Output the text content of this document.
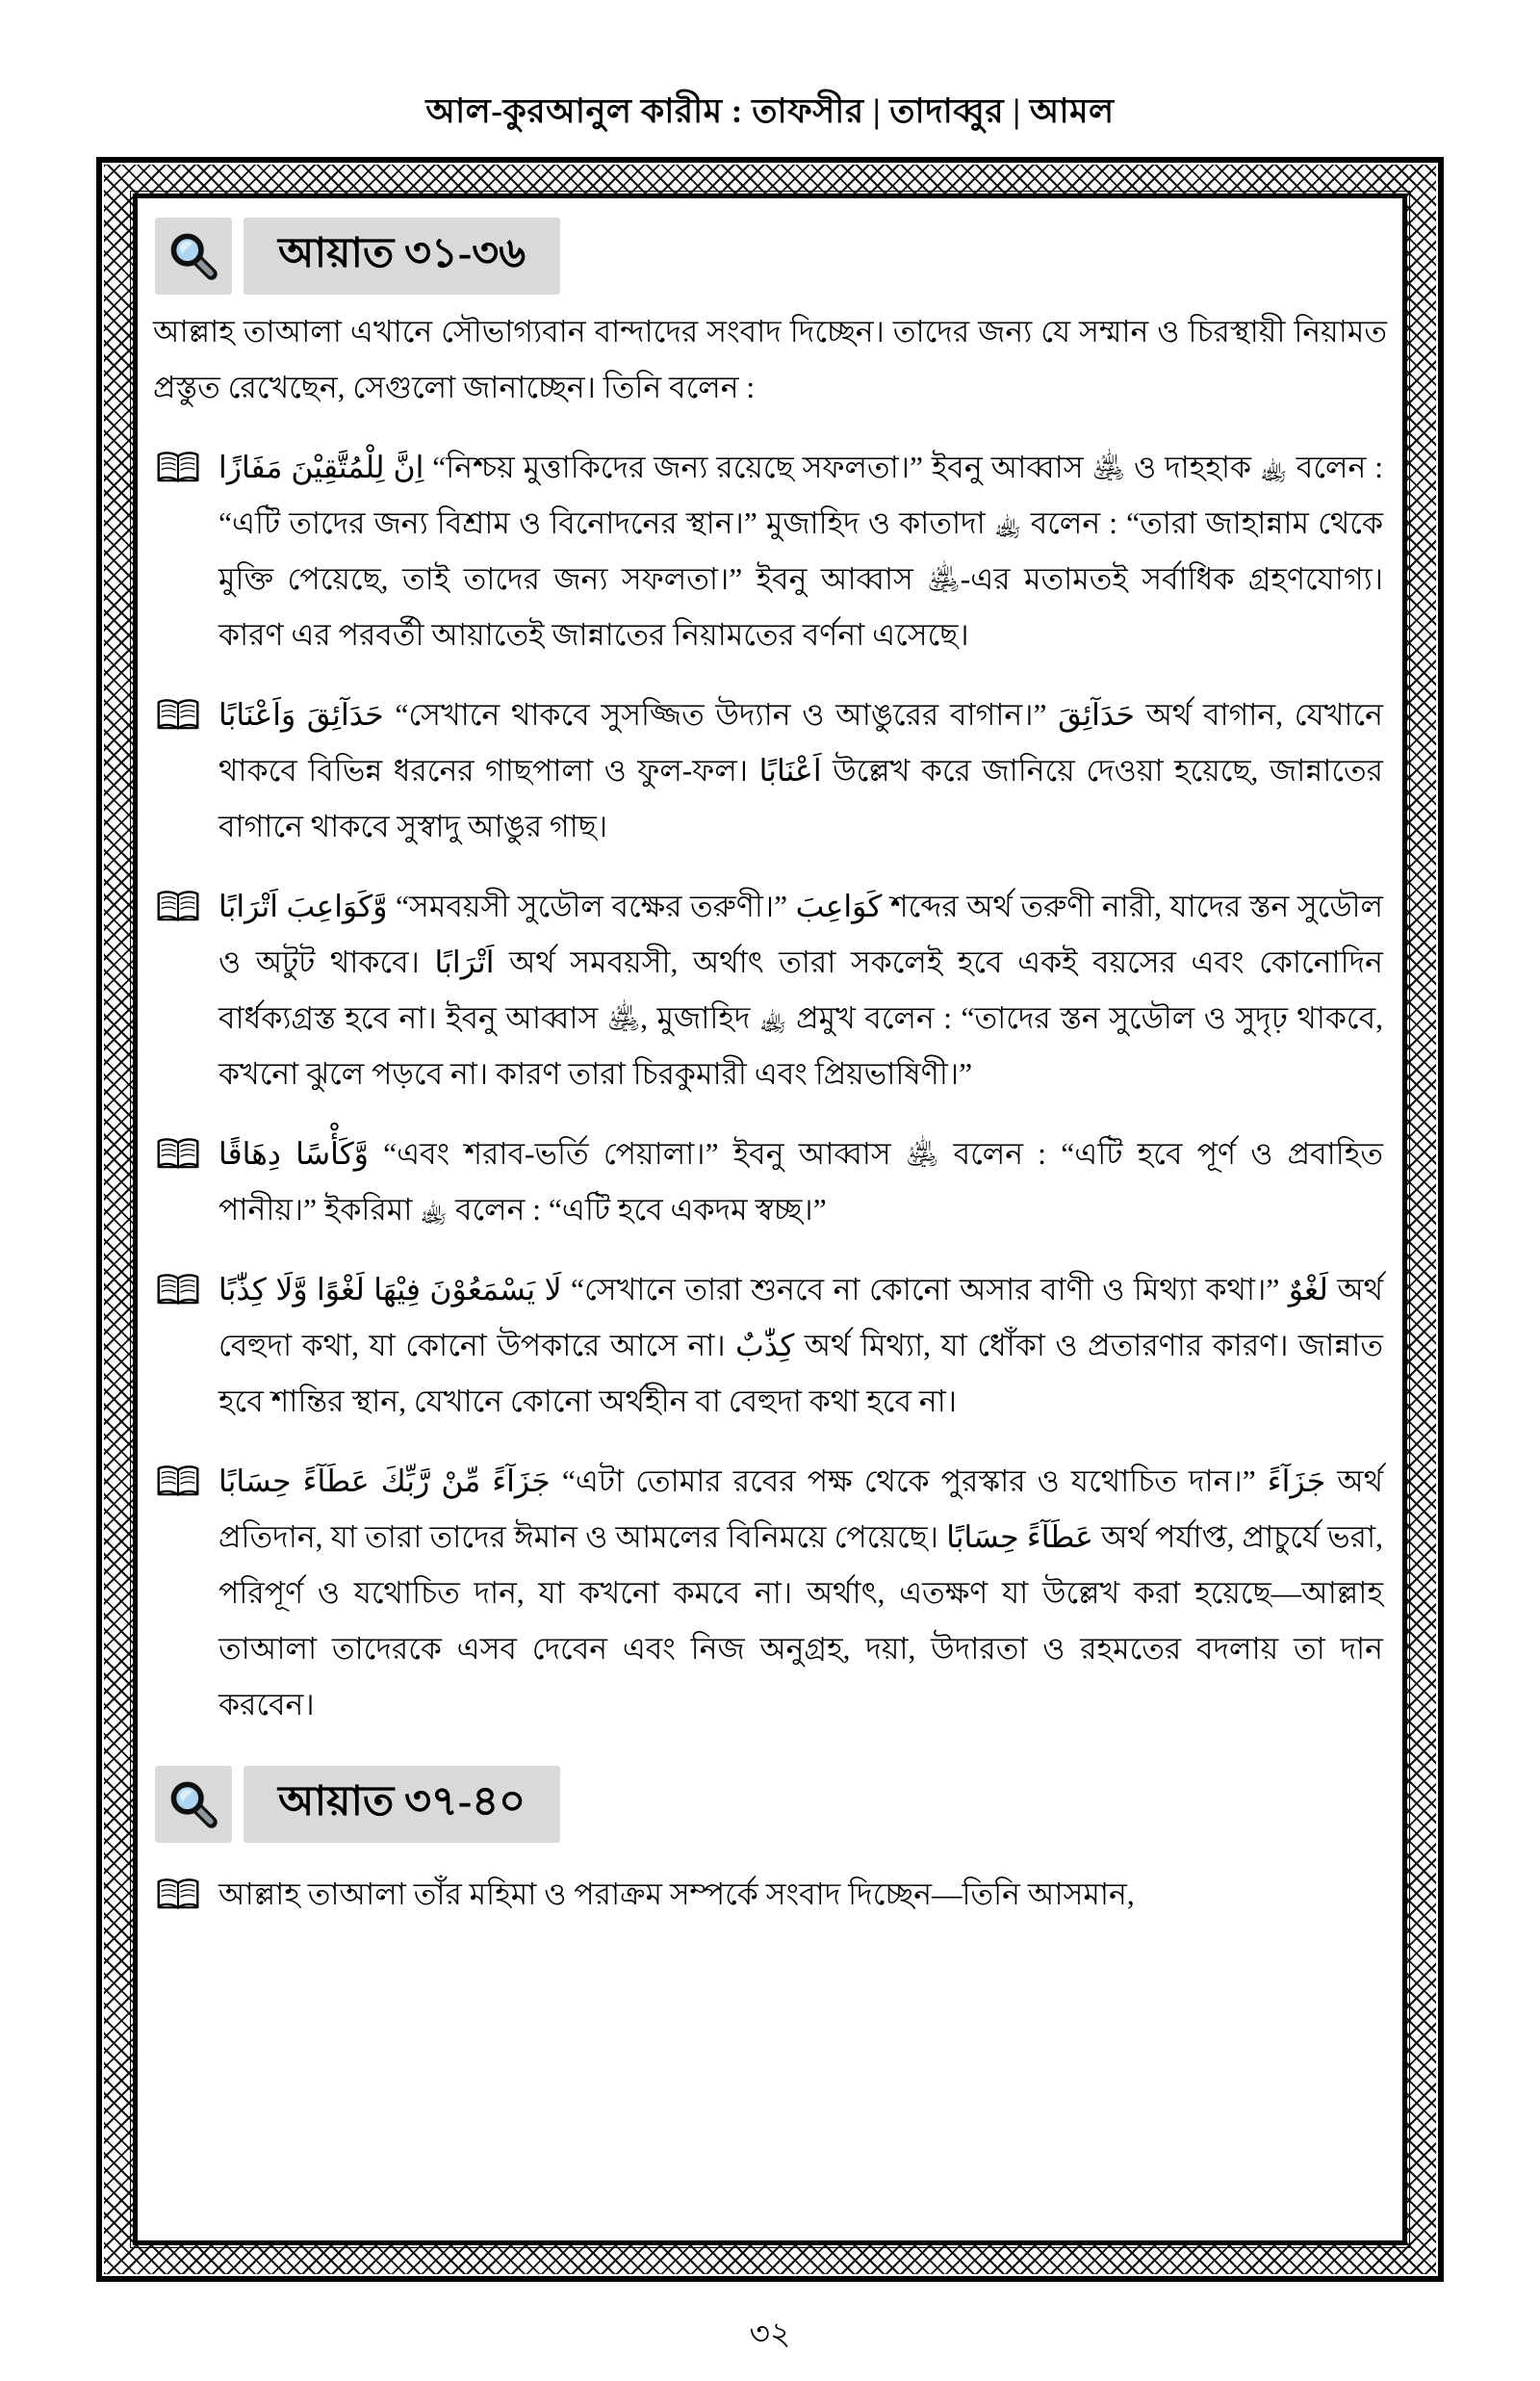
আল-কুরআনুল কারীম : তাফসীর | তাদাব্বুর | আমল
আয়াত ৩১-৩৬

আল্লাহ তাআলা এখানে সৌভাগ্যবান বান্দাদের সংবাদ দিচ্ছেন। তাদের জন্য যে সম্মান ও চিরস্থায়ী নিয়ামত প্রস্তুত রেখেছেন, সেগুলো জানাচ্ছেন। তিনি বলেন :

اِنَّ لِلْمُتَّقِيْنَ مَفَازًا “নিশ্চয় মুত্তাকিদের জন্য রয়েছে সফলতা।” ইবনু আব্বাস ﵁ ও দাহহাক ﵀ বলেন : “এটি তাদের জন্য বিশ্রাম ও বিনোদনের স্থান।” মুজাহিদ ও কাতাদা ﵀ বলেন : “তারা জাহান্নাম থেকে মুক্তি পেয়েছে, তাই তাদের জন্য সফলতা।” ইবনু আব্বাস ﵁-এর মতামতই সর্বাধিক গ্রহণযোগ্য। কারণ এর পরবর্তী আয়াতেই জান্নাতের নিয়ামতের বর্ণনা এসেছে।

حَدَآئِقَ وَاَعْنَابًا “সেখানে থাকবে সুসজ্জিত উদ্যান ও আঙুরের বাগান।” حَدَآئِقَ অর্থ বাগান, যেখানে থাকবে বিভিন্ন ধরনের গাছপালা ও ফুল-ফল। اَعْنَابًا উল্লেখ করে জানিয়ে দেওয়া হয়েছে, জান্নাতের বাগানে থাকবে সুস্বাদু আঙুর গাছ।

وَّكَوَاعِبَ اَتْرَابًا “সমবয়সী সুডৌল বক্ষের তরুণী।” كَوَاعِبَ শব্দের অর্থ তরুণী নারী, যাদের স্তন সুডৌল ও অটুট থাকবে। اَتْرَابًا অর্থ সমবয়সী, অর্থাৎ তারা সকলেই হবে একই বয়সের এবং কোনোদিন বার্ধক্যগ্রস্ত হবে না। ইবনু আব্বাস ﵁, মুজাহিদ ﵀ প্রমুখ বলেন : “তাদের স্তন সুডৌল ও সুদৃঢ় থাকবে, কখনো ঝুলে পড়বে না। কারণ তারা চিরকুমারী এবং প্রিয়ভাষিণী।”

وَّكَأْسًا دِهَاقًا “এবং শরাব-ভর্তি পেয়ালা।” ইবনু আব্বাস ﵁ বলেন : “এটি হবে পূর্ণ ও প্রবাহিত পানীয়।” ইকরিমা ﵀ বলেন : “এটি হবে একদম স্বচ্ছ।”

لَا يَسْمَعُوْنَ فِيْهَا لَغْوًا وَّلَا كِذّٰبًا “সেখানে তারা শুনবে না কোনো অসার বাণী ও মিথ্যা কথা।” لَغْوٌ অর্থ বেহুদা কথা, যা কোনো উপকারে আসে না। كِذّٰبٌ অর্থ মিথ্যা, যা ধোঁকা ও প্রতারণার কারণ। জান্নাত হবে শান্তির স্থান, যেখানে কোনো অর্থহীন বা বেহুদা কথা হবে না।

جَزَآءً مِّنْ رَّبِّكَ عَطَآءً حِسَابًا “এটা তোমার রবের পক্ষ থেকে পুরস্কার ও যথোচিত দান।” جَزَآءً অর্থ প্রতিদান, যা তারা তাদের ঈমান ও আমলের বিনিময়ে পেয়েছে। عَطَآءً حِسَابًا অর্থ পর্যাপ্ত, প্রাচুর্যে ভরা, পরিপূর্ণ ও যথোচিত দান, যা কখনো কমবে না। অর্থাৎ, এতক্ষণ যা উল্লেখ করা হয়েছে—আল্লাহ তাআলা তাদেরকে এসব দেবেন এবং নিজ অনুগ্রহ, দয়া, উদারতা ও রহমতের বদলায় তা দান করবেন।

আয়াত ৩৭-৪০

আল্লাহ তাআলা তাঁর মহিমা ও পরাক্রম সম্পর্কে সংবাদ দিচ্ছেন—তিনি আসমান,

৩২
